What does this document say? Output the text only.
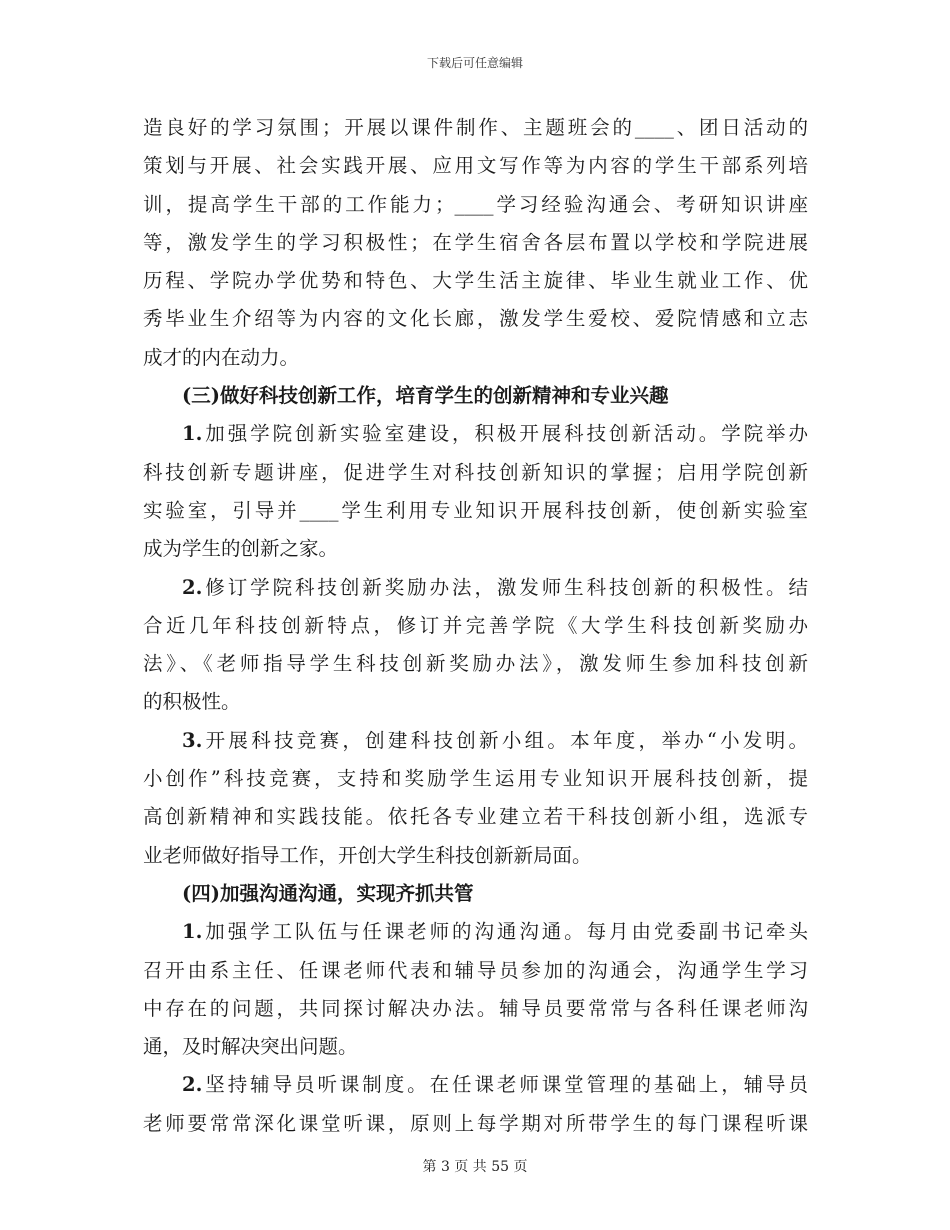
下载后可任意编辑
造良好的学习氛围；开展以课件制作、主题班会的____、团日活动的
策划与开展、社会实践开展、应用文写作等为内容的学生干部系列培
训，提高学生干部的工作能力；____学习经验沟通会、考研知识讲座
等，激发学生的学习积极性；在学生宿舍各层布置以学校和学院进展
历程、学院办学优势和特色、大学生活主旋律、毕业生就业工作、优
秀毕业生介绍等为内容的文化长廊，激发学生爱校、爱院情感和立志
成才的内在动力。
(三)做好科技创新工作，培育学生的创新精神和专业兴趣
1.加强学院创新实验室建设，积极开展科技创新活动。学院举办
科技创新专题讲座，促进学生对科技创新知识的掌握；启用学院创新
实验室，引导并____学生利用专业知识开展科技创新，使创新实验室
成为学生的创新之家。
2.修订学院科技创新奖励办法，激发师生科技创新的积极性。结
合近几年科技创新特点，修订并完善学院《大学生科技创新奖励办
法》、《老师指导学生科技创新奖励办法》，激发师生参加科技创新
的积极性。
3.开展科技竞赛，创建科技创新小组。本年度，举办“小发明。
小创作”科技竞赛，支持和奖励学生运用专业知识开展科技创新，提
高创新精神和实践技能。依托各专业建立若干科技创新小组，选派专
业老师做好指导工作，开创大学生科技创新新局面。
(四)加强沟通沟通，实现齐抓共管
1.加强学工队伍与任课老师的沟通沟通。每月由党委副书记牵头
召开由系主任、任课老师代表和辅导员参加的沟通会，沟通学生学习
中存在的问题，共同探讨解决办法。辅导员要常常与各科任课老师沟
通，及时解决突出问题。
2.坚持辅导员听课制度。在任课老师课堂管理的基础上，辅导员
老师要常常深化课堂听课，原则上每学期对所带学生的每门课程听课
第 3 页 共 55 页
